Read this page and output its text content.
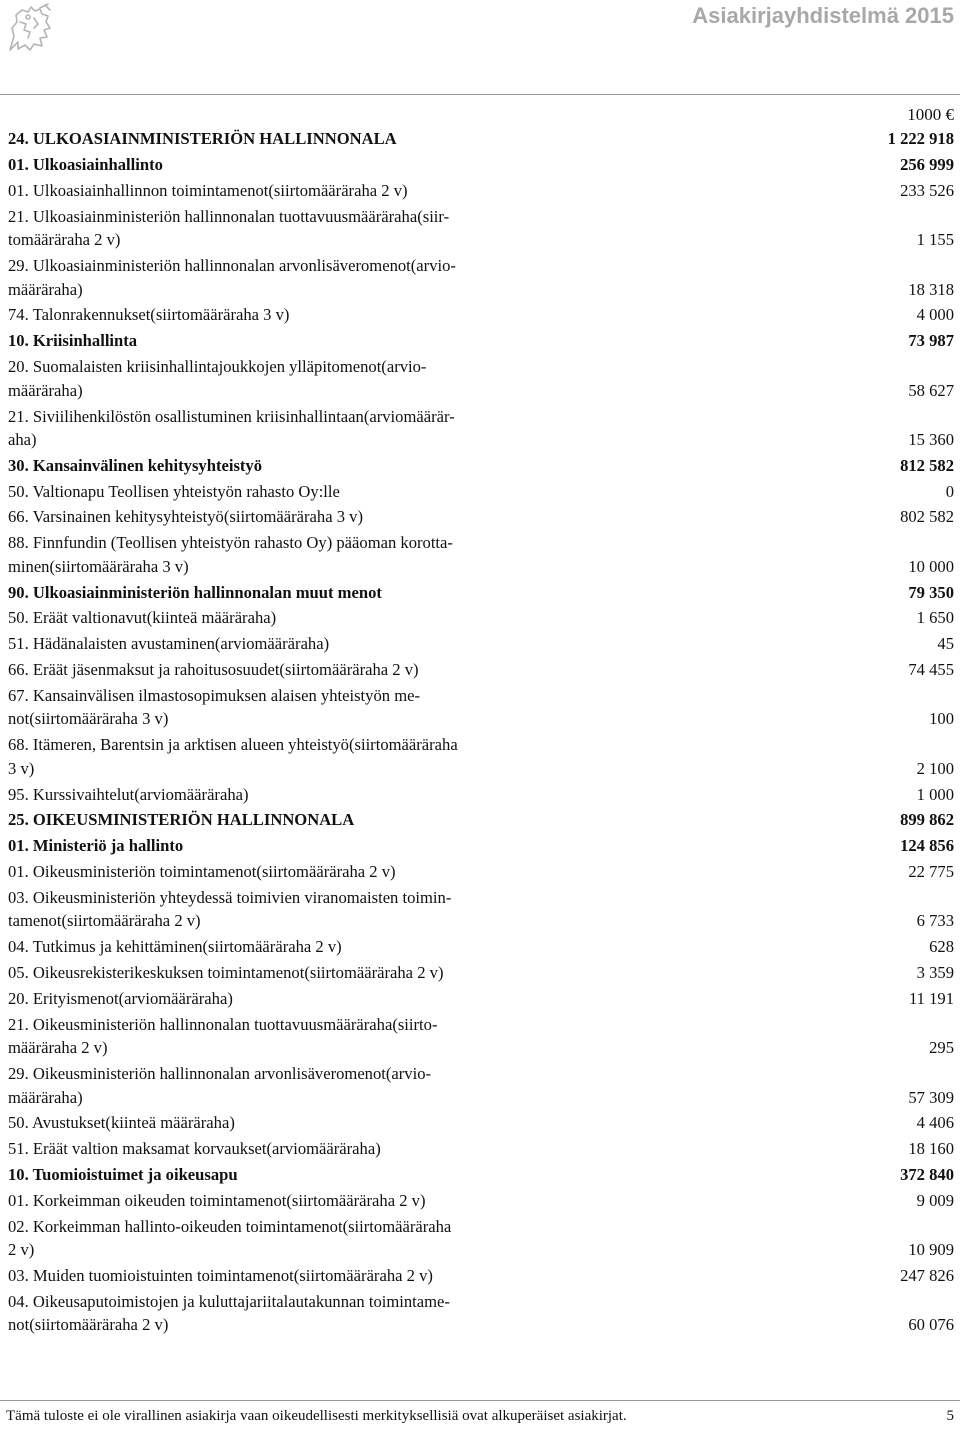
Asiakirjayhdistelmä 2015
1000 €
24. ULKOASIAINMINISTERIÖN HALLINNONALA	1 222 918
01. Ulkoasiainhallinto	256 999
01. Ulkoasiainhallinnon toimintamenot(siirtomääräraha 2 v)	233 526
21. Ulkoasiainministeriön hallinnonalan tuottavuusmääräraha(siir-
tomääräraha 2 v)	1 155
29. Ulkoasiainministeriön hallinnonalan arvonlisäveromenot(arvio-
määräraha)	18 318
74. Talonrakennukset(siirtomääräraha 3 v)	4 000
10. Kriisinhallinta	73 987
20. Suomalaisten kriisinhallintajoukkojen ylläpitomenot(arvio-
määräraha)	58 627
21. Siviilihenkilöstön osallistuminen kriisinhallintaan(arviomäärär-
aha)	15 360
30. Kansainvälinen kehitysyhteistyö	812 582
50. Valtionapu Teollisen yhteistyön rahasto Oy:lle	0
66. Varsinainen kehitysyhteistyö(siirtomääräraha 3 v)	802 582
88. Finnfundin (Teollisen yhteistyön rahasto Oy) pääoman korotta-
minen(siirtomääräraha 3 v)	10 000
90. Ulkoasiainministeriön hallinnonalan muut menot	79 350
50. Eräät valtionavut(kiinteä määräraha)	1 650
51. Hädänalaisten avustaminen(arviomääräraha)	45
66. Eräät jäsenmaksut ja rahoitusosuudet(siirtomääräraha 2 v)	74 455
67. Kansainvälisen ilmastosopimuksen alaisen yhteistyön me-
not(siirtomääräraha 3 v)	100
68. Itämeren, Barentsin ja arktisen alueen yhteistyö(siirtomääräraha
3 v)	2 100
95. Kurssivaihtelut(arviomääräraha)	1 000
25. OIKEUSMINISTERIÖN HALLINNONALA	899 862
01. Ministeriö ja hallinto	124 856
01. Oikeusministeriön toimintamenot(siirtomääräraha 2 v)	22 775
03. Oikeusministeriön yhteydessä toimivien viranomaisten toimin-
tamenot(siirtomääräraha 2 v)	6 733
04. Tutkimus ja kehittäminen(siirtomääräraha 2 v)	628
05. Oikeusrekisterikeskuksen toimintamenot(siirtomääräraha 2 v)	3 359
20. Erityismenot(arviomääräraha)	11 191
21. Oikeusministeriön hallinnonalan tuottavuusmääräraha(siirto-
määräraha 2 v)	295
29. Oikeusministeriön hallinnonalan arvonlisäveromenot(arvio-
määräraha)	57 309
50. Avustukset(kiinteä määräraha)	4 406
51. Eräät valtion maksamat korvaukset(arviomääräraha)	18 160
10. Tuomioistuimet ja oikeusapu	372 840
01. Korkeimman oikeuden toimintamenot(siirtomääräraha 2 v)	9 009
02. Korkeimman hallinto-oikeuden toimintamenot(siirtomääräraha
2 v)	10 909
03. Muiden tuomioistuinten toimintamenot(siirtomääräraha 2 v)	247 826
04. Oikeusaputoimistojen ja kuluttajariitalautakunnan toimintame-
not(siirtomääräraha 2 v)	60 076
Tämä tuloste ei ole virallinen asiakirja vaan oikeudellisesti merkityksellisiä ovat alkuperäiset asiakirjat.	5
